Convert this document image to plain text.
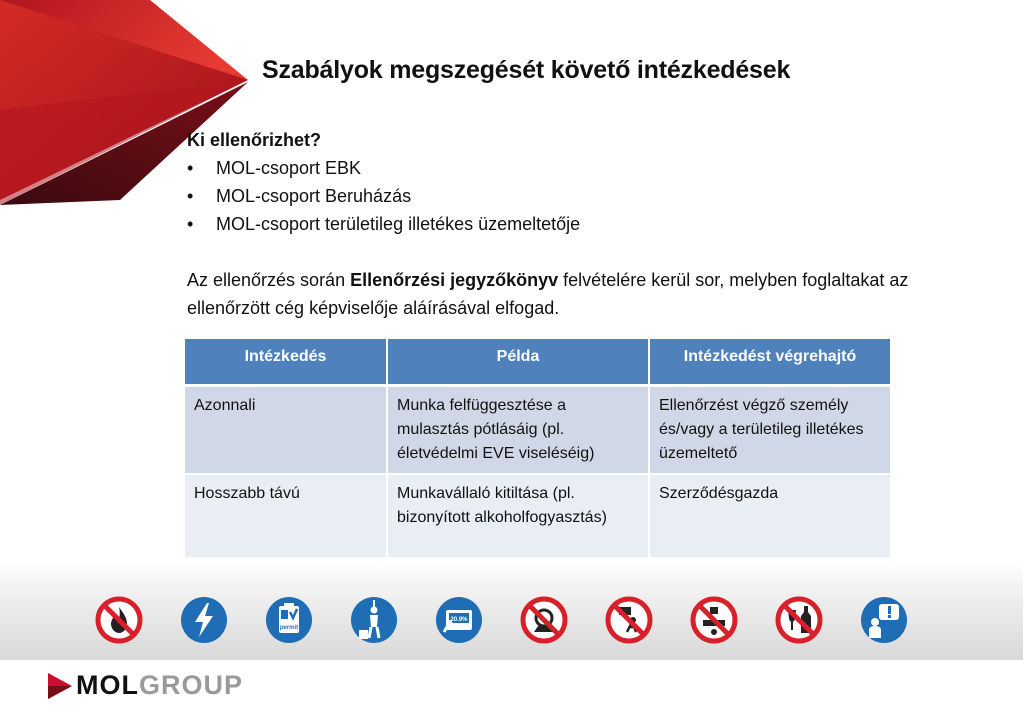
Szabályok megszegését követő intézkedések
Ki ellenőrizhet?
• MOL-csoport EBK
• MOL-csoport Beruházás
• MOL-csoport területileg illetékes üzemeltetője
Az ellenőrzés során Ellenőrzési jegyzőkönyv felvételére kerül sor, melyben foglaltakat az ellenőrzött cég képviselője aláírásával elfogad.
Intézkedés	Példa	Intézkedést végrehajtó
Azonnali	Munka felfüggesztése a mulasztás pótlásáig (pl. életvédelmi EVE viseléséig)	Ellenőrzést végző személy és/vagy a területileg illetékes üzemeltető
Hosszabb távú	Munkavállaló kitiltása (pl. bizonyított alkoholfogyasztás)	Szerződésgazda
permit
20.9%
MOL GROUP
